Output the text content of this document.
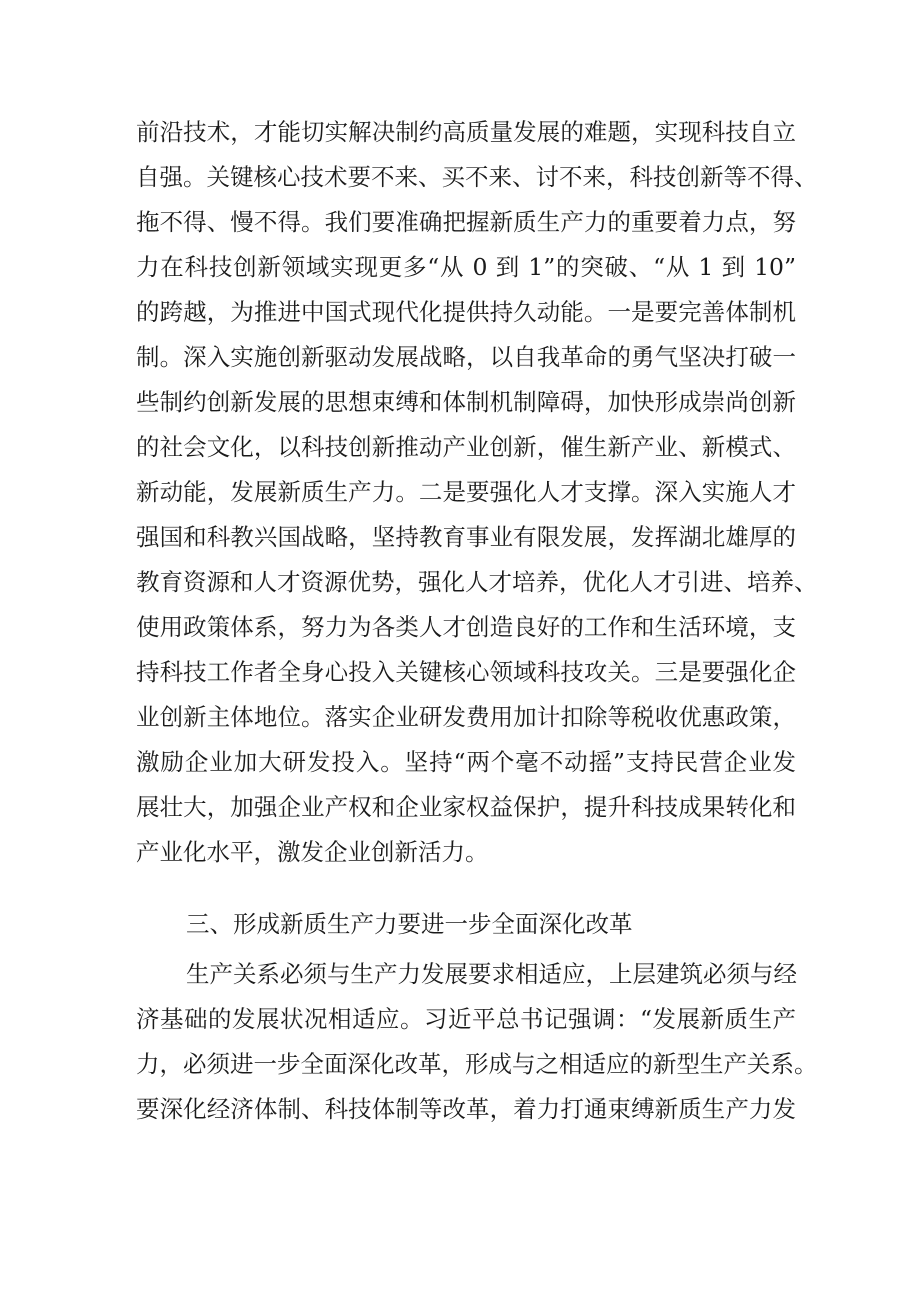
前沿技术，才能切实解决制约高质量发展的难题，实现科技自立

自强。关键核心技术要不来、买不来、讨不来，科技创新等不得、

拖不得、慢不得。我们要准确把握新质生产力的重要着力点，努

力在科技创新领域实现更多“从 0 到 1”的突破、“从 1 到 10”

的跨越，为推进中国式现代化提供持久动能。一是要完善体制机

制。深入实施创新驱动发展战略，以自我革命的勇气坚决打破一

些制约创新发展的思想束缚和体制机制障碍，加快形成崇尚创新

的社会文化，以科技创新推动产业创新，催生新产业、新模式、

新动能，发展新质生产力。二是要强化人才支撑。深入实施人才

强国和科教兴国战略，坚持教育事业有限发展，发挥湖北雄厚的

教育资源和人才资源优势，强化人才培养，优化人才引进、培养、

使用政策体系，努力为各类人才创造良好的工作和生活环境，支

持科技工作者全身心投入关键核心领域科技攻关。三是要强化企

业创新主体地位。落实企业研发费用加计扣除等税收优惠政策，

激励企业加大研发投入。坚持“两个毫不动摇”支持民营企业发

展壮大，加强企业产权和企业家权益保护，提升科技成果转化和

产业化水平，激发企业创新活力。

三、形成新质生产力要进一步全面深化改革

生产关系必须与生产力发展要求相适应，上层建筑必须与经

济基础的发展状况相适应。习近平总书记强调：“发展新质生产

力，必须进一步全面深化改革，形成与之相适应的新型生产关系。

要深化经济体制、科技体制等改革，着力打通束缚新质生产力发
